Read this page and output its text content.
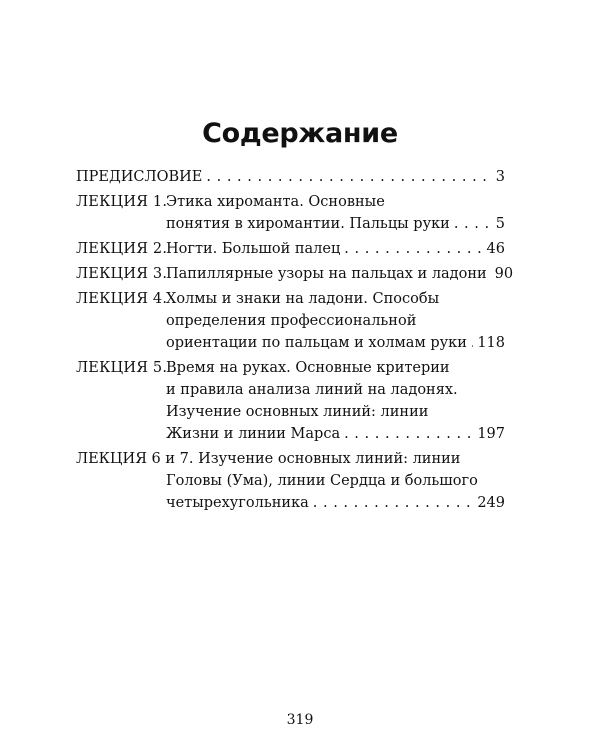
Содержание
ПРЕДИСЛОВИЕ . . .	3
ЛЕКЦИЯ 1.
Этика хироманта. Основные
понятия в хиромантии. Пальцы руки . . .	5
ЛЕКЦИЯ 2.
Ногти. Большой палец . . .	46
ЛЕКЦИЯ 3.
Папиллярные узоры на пальцах и ладони 90
ЛЕКЦИЯ 4.
Холмы и знаки на ладони. Способы
определения профессиональной
ориентации по пальцам и холмам руки . . . 118
ЛЕКЦИЯ 5.
Время на руках. Основные критерии
и правила анализа линий на ладонях.
Изучение основных линий: линии
Жизни и линии Марса . . .	197
ЛЕКЦИЯ 6 и 7. Изучение основных линий: линии
Головы (Ума), линии Сердца и большого
четырехугольника . . .	249
319
